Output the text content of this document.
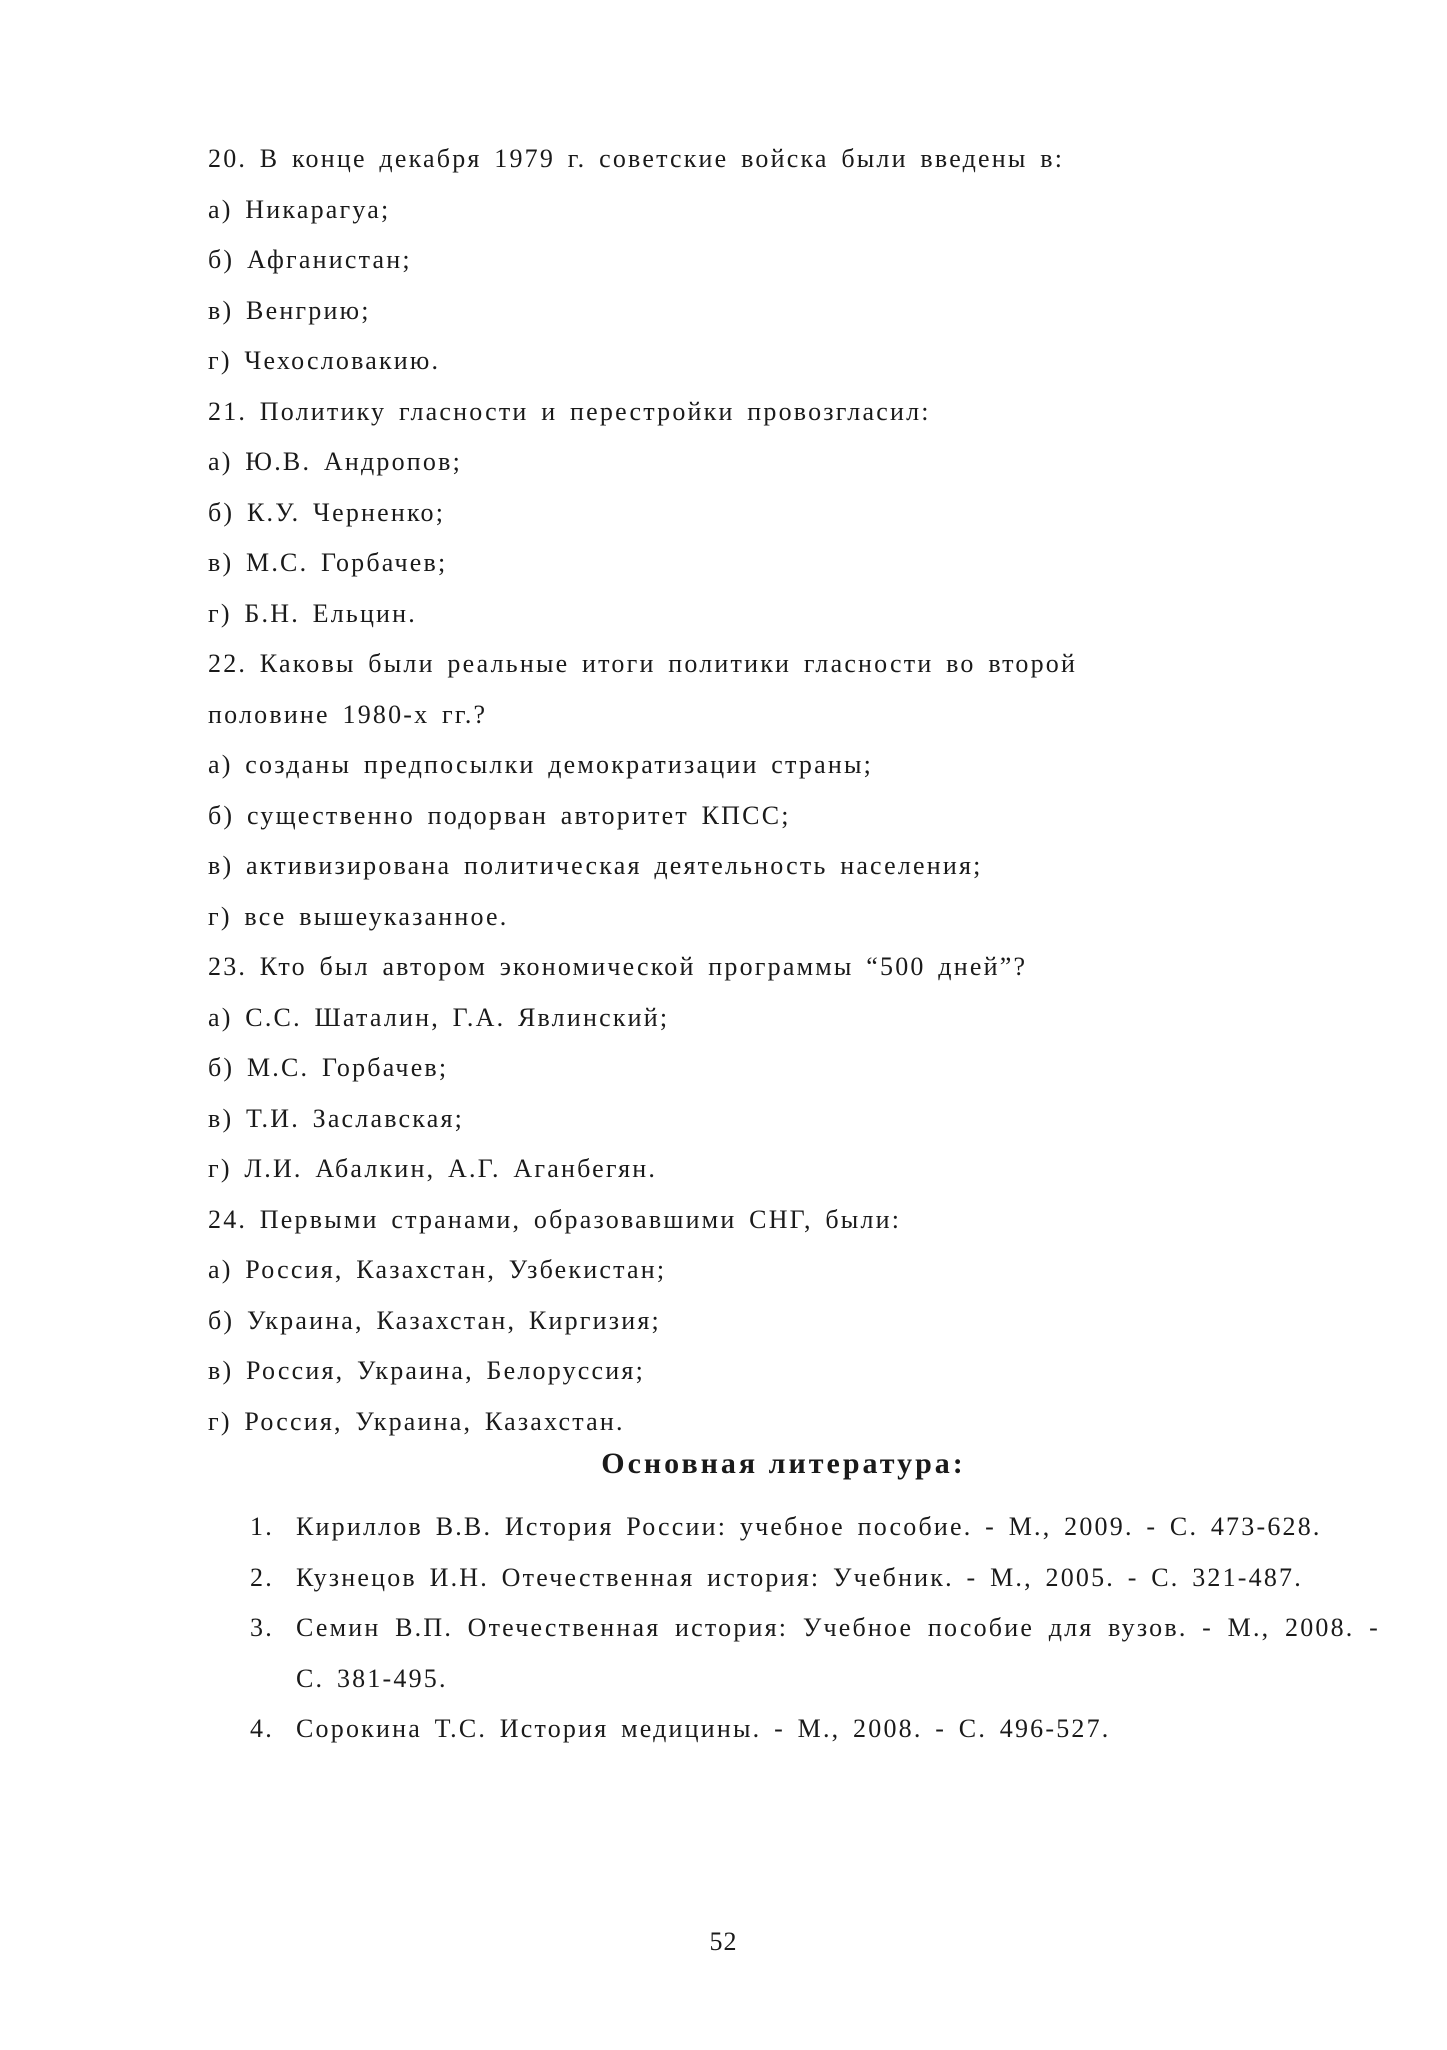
20. В конце декабря 1979 г. советские войска были введены в:
а) Никарагуа;
б) Афганистан;
в) Венгрию;
г) Чехословакию.
21. Политику гласности и перестройки провозгласил:
а) Ю.В. Андропов;
б) К.У. Черненко;
в) М.С. Горбачев;
г) Б.Н. Ельцин.
22. Каковы были реальные итоги политики гласности во второй
половине 1980-х гг.?
а) созданы предпосылки демократизации страны;
б) существенно подорван авторитет КПСС;
в) активизирована политическая деятельность населения;
г) все вышеуказанное.
23. Кто был автором экономической программы “500 дней”?
а) С.С. Шаталин, Г.А. Явлинский;
б) М.С. Горбачев;
в) Т.И. Заславская;
г) Л.И. Абалкин, А.Г. Аганбегян.
24. Первыми странами, образовавшими СНГ, были:
а) Россия, Казахстан, Узбекистан;
б) Украина, Казахстан, Киргизия;
в) Россия, Украина, Белоруссия;
г) Россия, Украина, Казахстан.
Основная литература:
1. Кириллов В.В. История России: учебное пособие. - М., 2009. - С. 473-628.
2. Кузнецов И.Н. Отечественная история: Учебник. - М., 2005. - С. 321-487.
3. Семин В.П. Отечественная история: Учебное пособие для вузов. - М., 2008. - С. 381-495.
4. Сорокина Т.С. История медицины. - М., 2008. - С. 496-527.
52
